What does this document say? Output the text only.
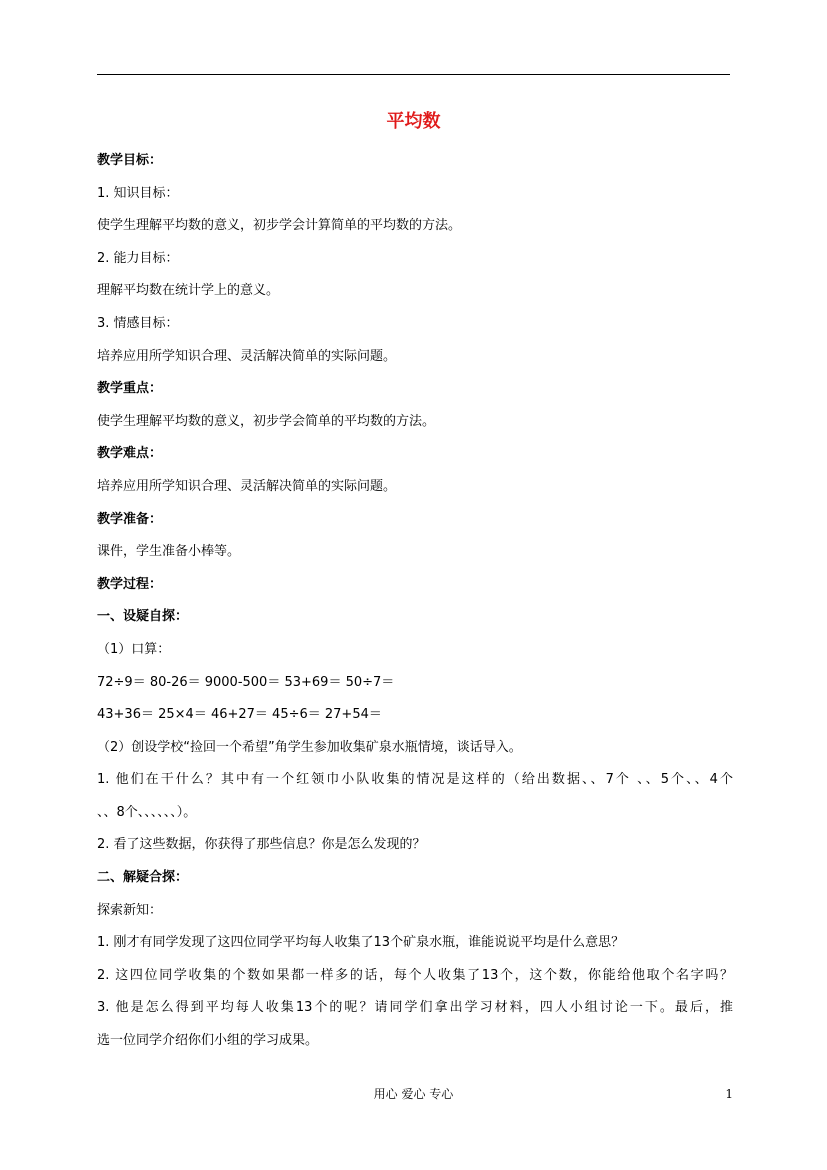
平均数
教学目标：
1. 知识目标：
使学生理解平均数的意义，初步学会计算简单的平均数的方法。
2. 能力目标：
理解平均数在统计学上的意义。
3. 情感目标：
培养应用所学知识合理、灵活解决简单的实际问题。
教学重点：
使学生理解平均数的意义，初步学会简单的平均数的方法。
教学难点：
培养应用所学知识合理、灵活解决简单的实际问题。
教学准备：
课件，学生准备小棒等。
教学过程：
一、设疑自探：
（1）口算：
72÷9＝ 80-26＝ 9000-500＝ 53+69＝ 50÷7＝
43+36＝ 25×4＝ 46+27＝ 45÷6＝ 27+54＝
（2）创设学校“捡回一个希望”角学生参加收集矿泉水瓶情境，谈话导入。
1. 他们在干什么？其中有一个红领巾小队收集的情况是这样的（给出数据、、7个 、、5个、、4个
、、8个、、、、、、）。
2. 看了这些数据，你获得了那些信息？你是怎么发现的？
二、解疑合探：
探索新知：
1. 刚才有同学发现了这四位同学平均每人收集了13个矿泉水瓶，谁能说说平均是什么意思？
2. 这四位同学收集的个数如果都一样多的话，每个人收集了13个，这个数，你能给他取个名字吗？
3. 他是怎么得到平均每人收集13个的呢？请同学们拿出学习材料，四人小组讨论一下。最后，推
选一位同学介绍你们小组的学习成果。
用心 爱心 专心	1
